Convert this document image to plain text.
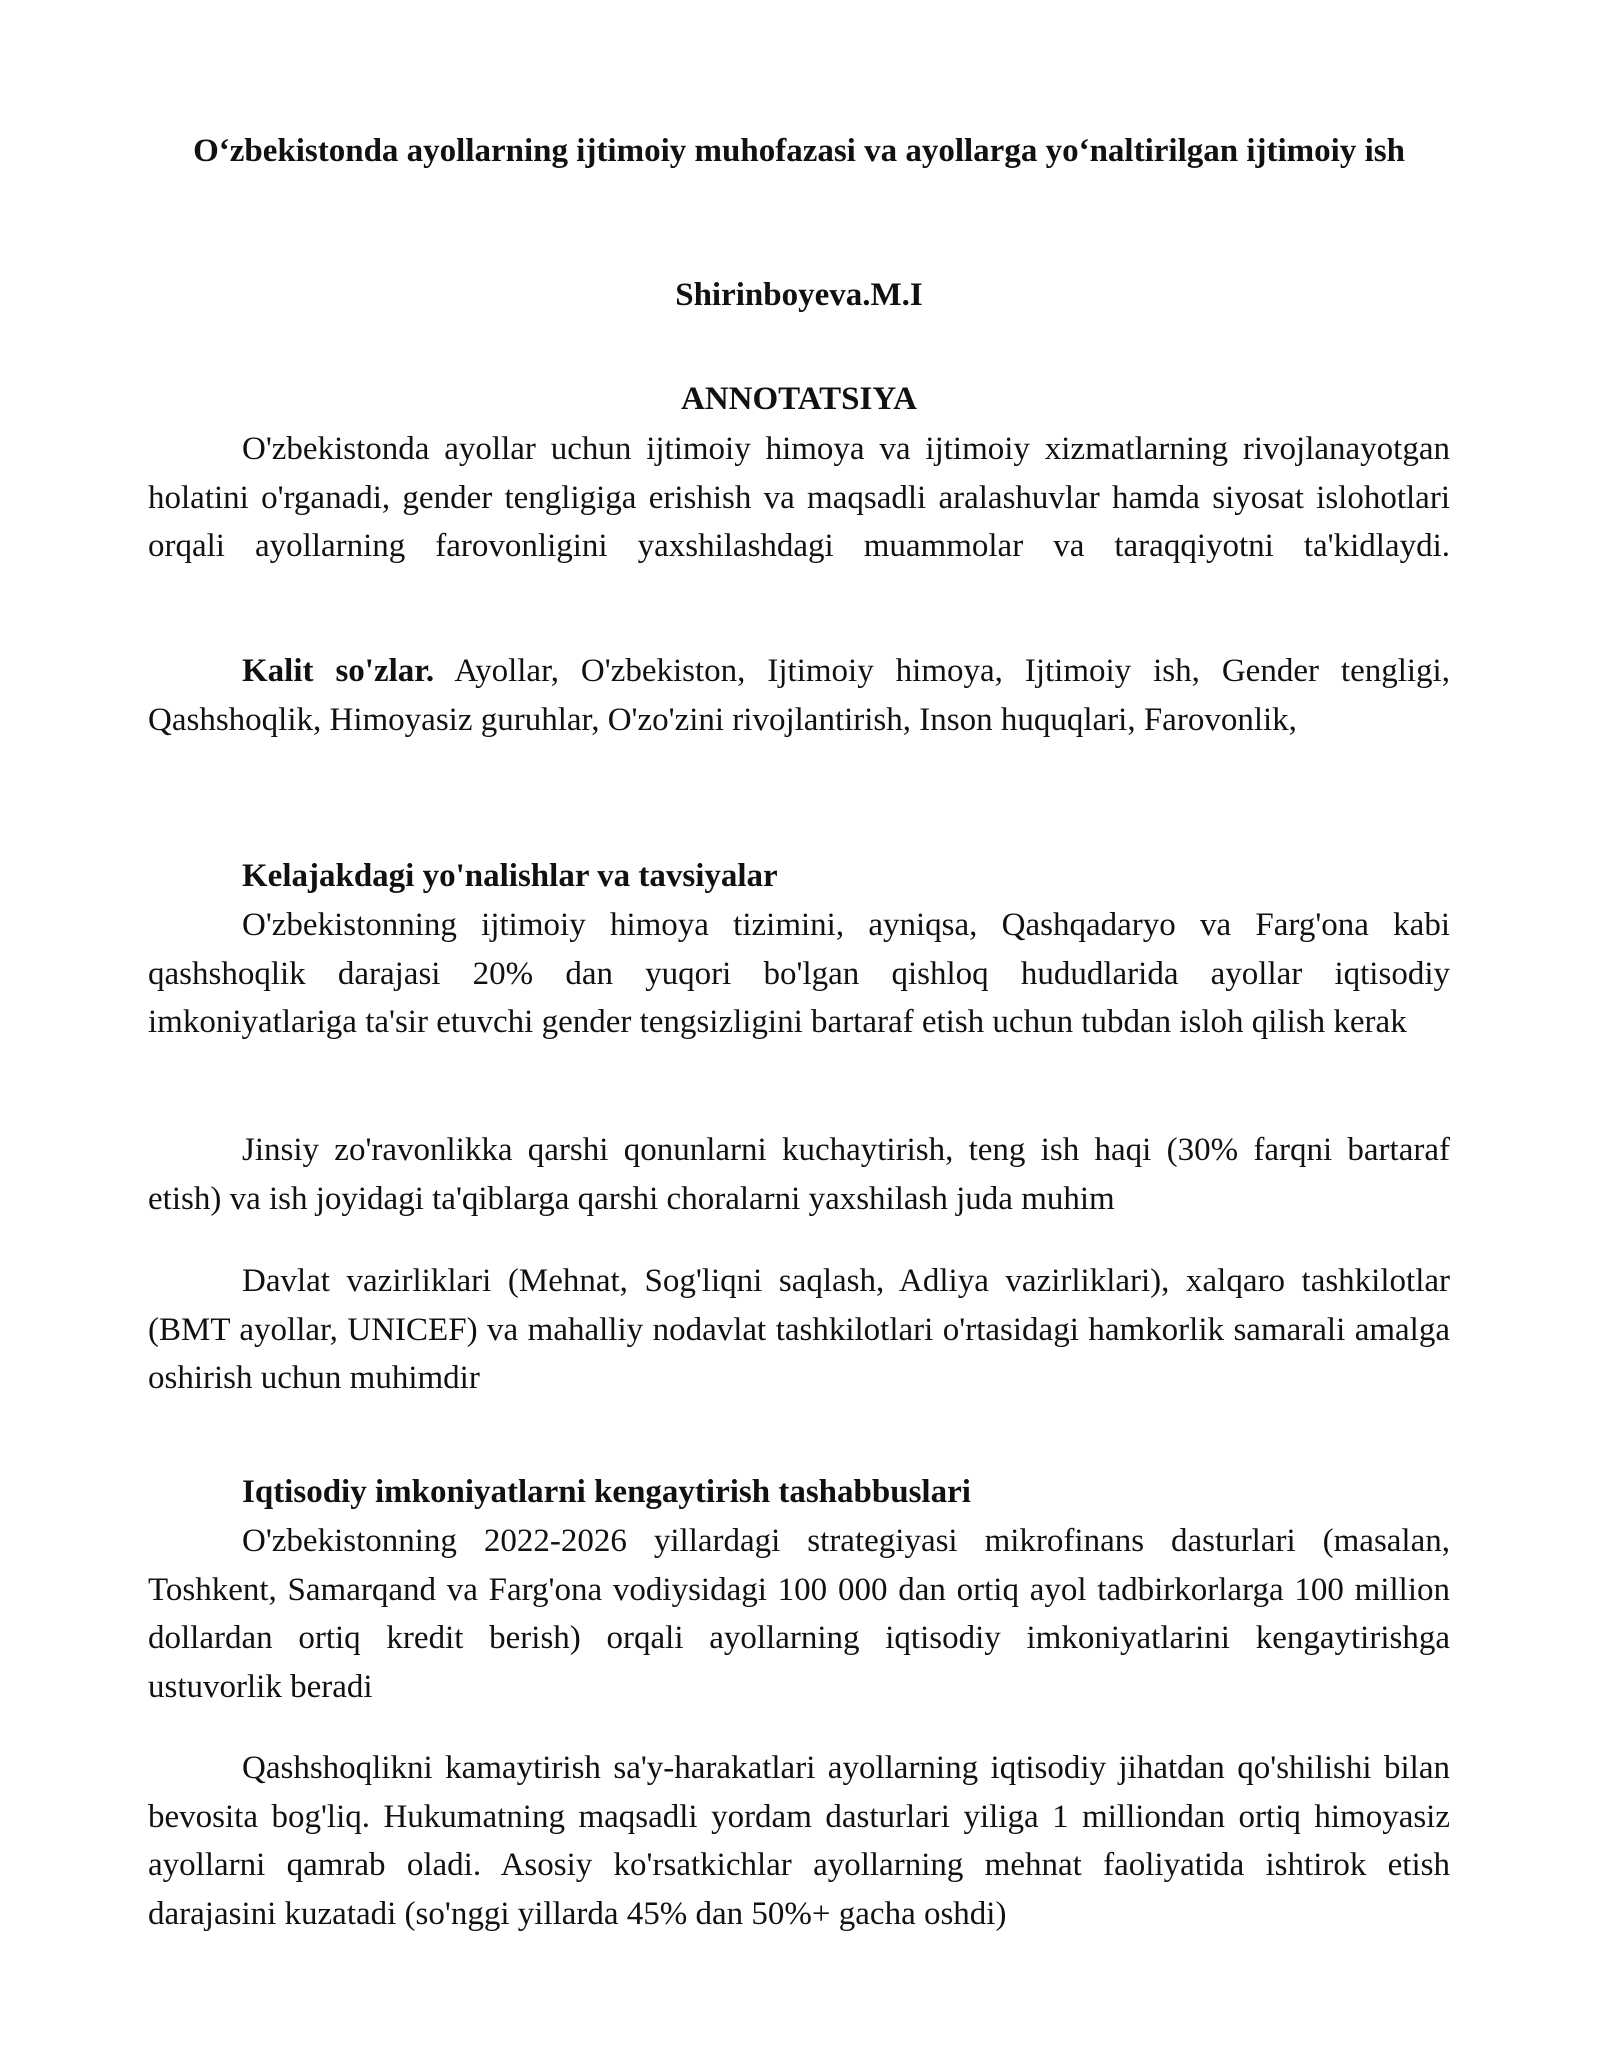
O‘zbekistonda ayollarning ijtimoiy muhofazasi va ayollarga yo‘naltirilgan ijtimoiy ish
Shirinboyeva.M.I
ANNOTATSIYA

O'zbekistonda ayollar uchun ijtimoiy himoya va ijtimoiy xizmatlarning rivojlanayotgan holatini o'rganadi, gender tengligiga erishish va maqsadli aralashuvlar hamda siyosat islohotlari orqali ayollarning farovonligini yaxshilashdagi muammolar va taraqqiyotni ta'kidlaydi.

Kalit so'zlar. Ayollar, O'zbekiston, Ijtimoiy himoya, Ijtimoiy ish, Gender tengligi, Qashshoqlik, Himoyasiz guruhlar, O'zo'zini rivojlantirish, Inson huquqlari, Farovonlik,

Kelajakdagi yo'nalishlar va tavsiyalar

O'zbekistonning ijtimoiy himoya tizimini, ayniqsa, Qashqadaryo va Farg'ona kabi qashshoqlik darajasi 20% dan yuqori bo'lgan qishloq hududlarida ayollar iqtisodiy imkoniyatlariga ta'sir etuvchi gender tengsizligini bartaraf etish uchun tubdan isloh qilish kerak

Jinsiy zo'ravonlikka qarshi qonunlarni kuchaytirish, teng ish haqi (30% farqni bartaraf etish) va ish joyidagi ta'qiblarga qarshi choralarni yaxshilash juda muhim

Davlat vazirliklari (Mehnat, Sog'liqni saqlash, Adliya vazirliklari), xalqaro tashkilotlar (BMT ayollar, UNICEF) va mahalliy nodavlat tashkilotlari o'rtasidagi hamkorlik samarali amalga oshirish uchun muhimdir

Iqtisodiy imkoniyatlarni kengaytirish tashabbuslari

O'zbekistonning 2022-2026 yillardagi strategiyasi mikrofinans dasturlari (masalan, Toshkent, Samarqand va Farg'ona vodiysidagi 100 000 dan ortiq ayol tadbirkorlarga 100 million dollardan ortiq kredit berish) orqali ayollarning iqtisodiy imkoniyatlarini kengaytirishga ustuvorlik beradi

Qashshoqlikni kamaytirish sa'y-harakatlari ayollarning iqtisodiy jihatdan qo'shilishi bilan bevosita bog'liq. Hukumatning maqsadli yordam dasturlari yiliga 1 milliondan ortiq himoyasiz ayollarni qamrab oladi. Asosiy ko'rsatkichlar ayollarning mehnat faoliyatida ishtirok etish darajasini kuzatadi (so'nggi yillarda 45% dan 50%+ gacha oshdi)
